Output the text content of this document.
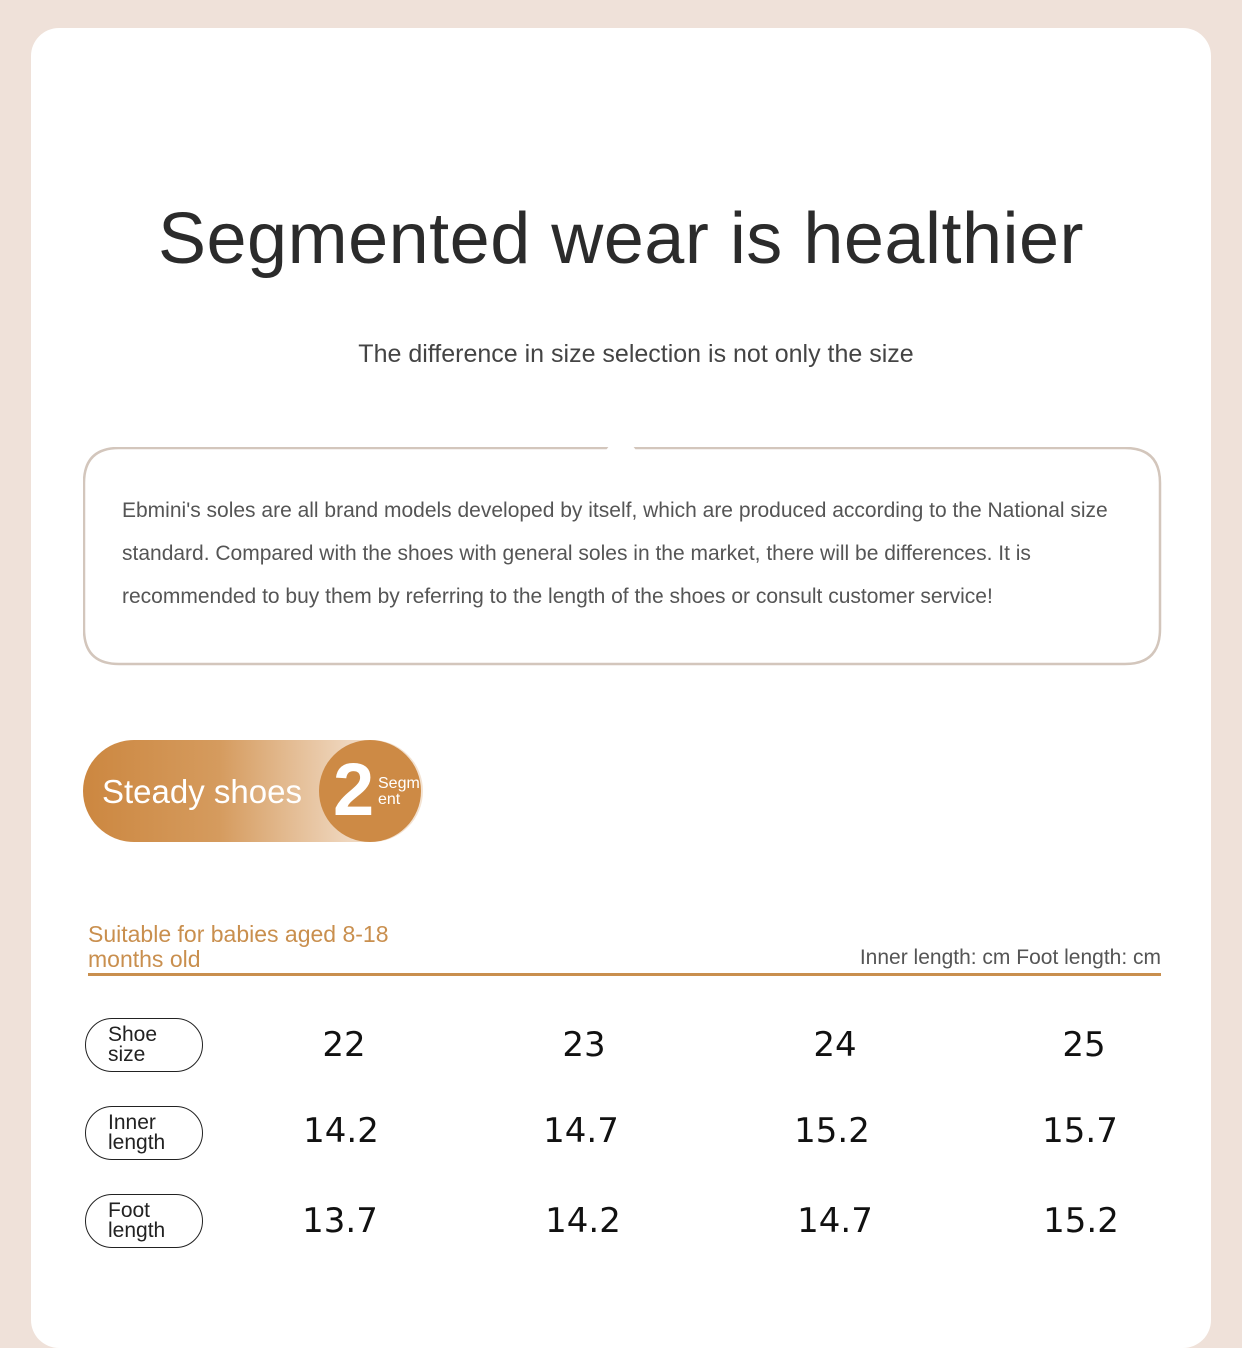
Segmented wear is healthier
The difference in size selection is not only the size
Ebmini's soles are all brand models developed by itself, which are produced according to the National size standard. Compared with the shoes with general soles in the market, there will be differences. It is recommended to buy them by referring to the length of the shoes or consult customer service!
Steady shoes 2 Segment
Suitable for babies aged 8-18 months old	Inner length: cm Foot length: cm
Shoe size	22	23	24	25
Inner length	14.2	14.7	15.2	15.7
Foot length	13.7	14.2	14.7	15.2
